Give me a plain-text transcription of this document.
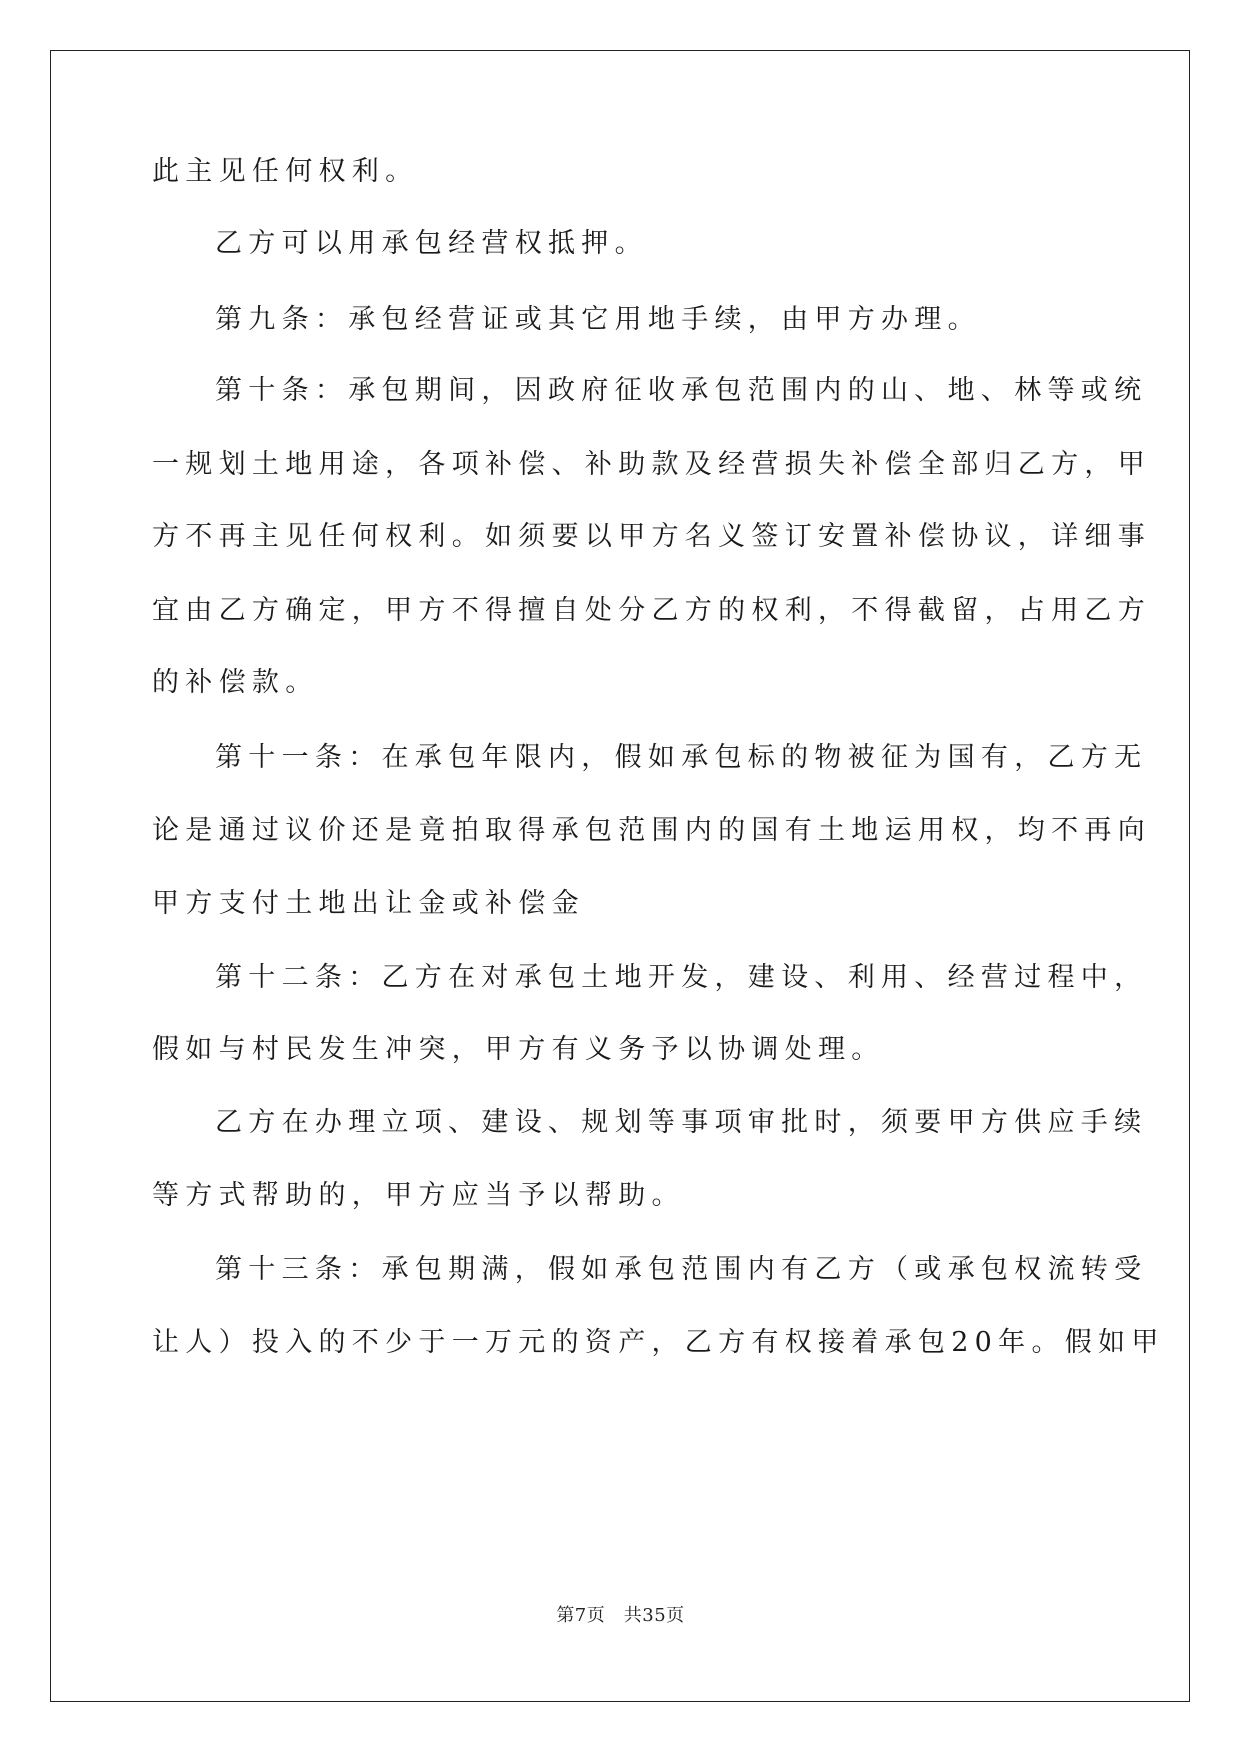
此主见任何权利。
乙方可以用承包经营权抵押。
第九条：承包经营证或其它用地手续，由甲方办理。
第十条：承包期间，因政府征收承包范围内的山、地、林等或统
一规划土地用途，各项补偿、补助款及经营损失补偿全部归乙方，甲
方不再主见任何权利。如须要以甲方名义签订安置补偿协议，详细事
宜由乙方确定，甲方不得擅自处分乙方的权利，不得截留，占用乙方
的补偿款。
第十一条：在承包年限内，假如承包标的物被征为国有，乙方无
论是通过议价还是竟拍取得承包范围内的国有土地运用权，均不再向
甲方支付土地出让金或补偿金
第十二条：乙方在对承包土地开发，建设、利用、经营过程中，
假如与村民发生冲突，甲方有义务予以协调处理。
乙方在办理立项、建设、规划等事项审批时，须要甲方供应手续
等方式帮助的，甲方应当予以帮助。
第十三条：承包期满，假如承包范围内有乙方（或承包权流转受
让人）投入的不少于一万元的资产，乙方有权接着承包20年。假如甲
第7页　共35页
